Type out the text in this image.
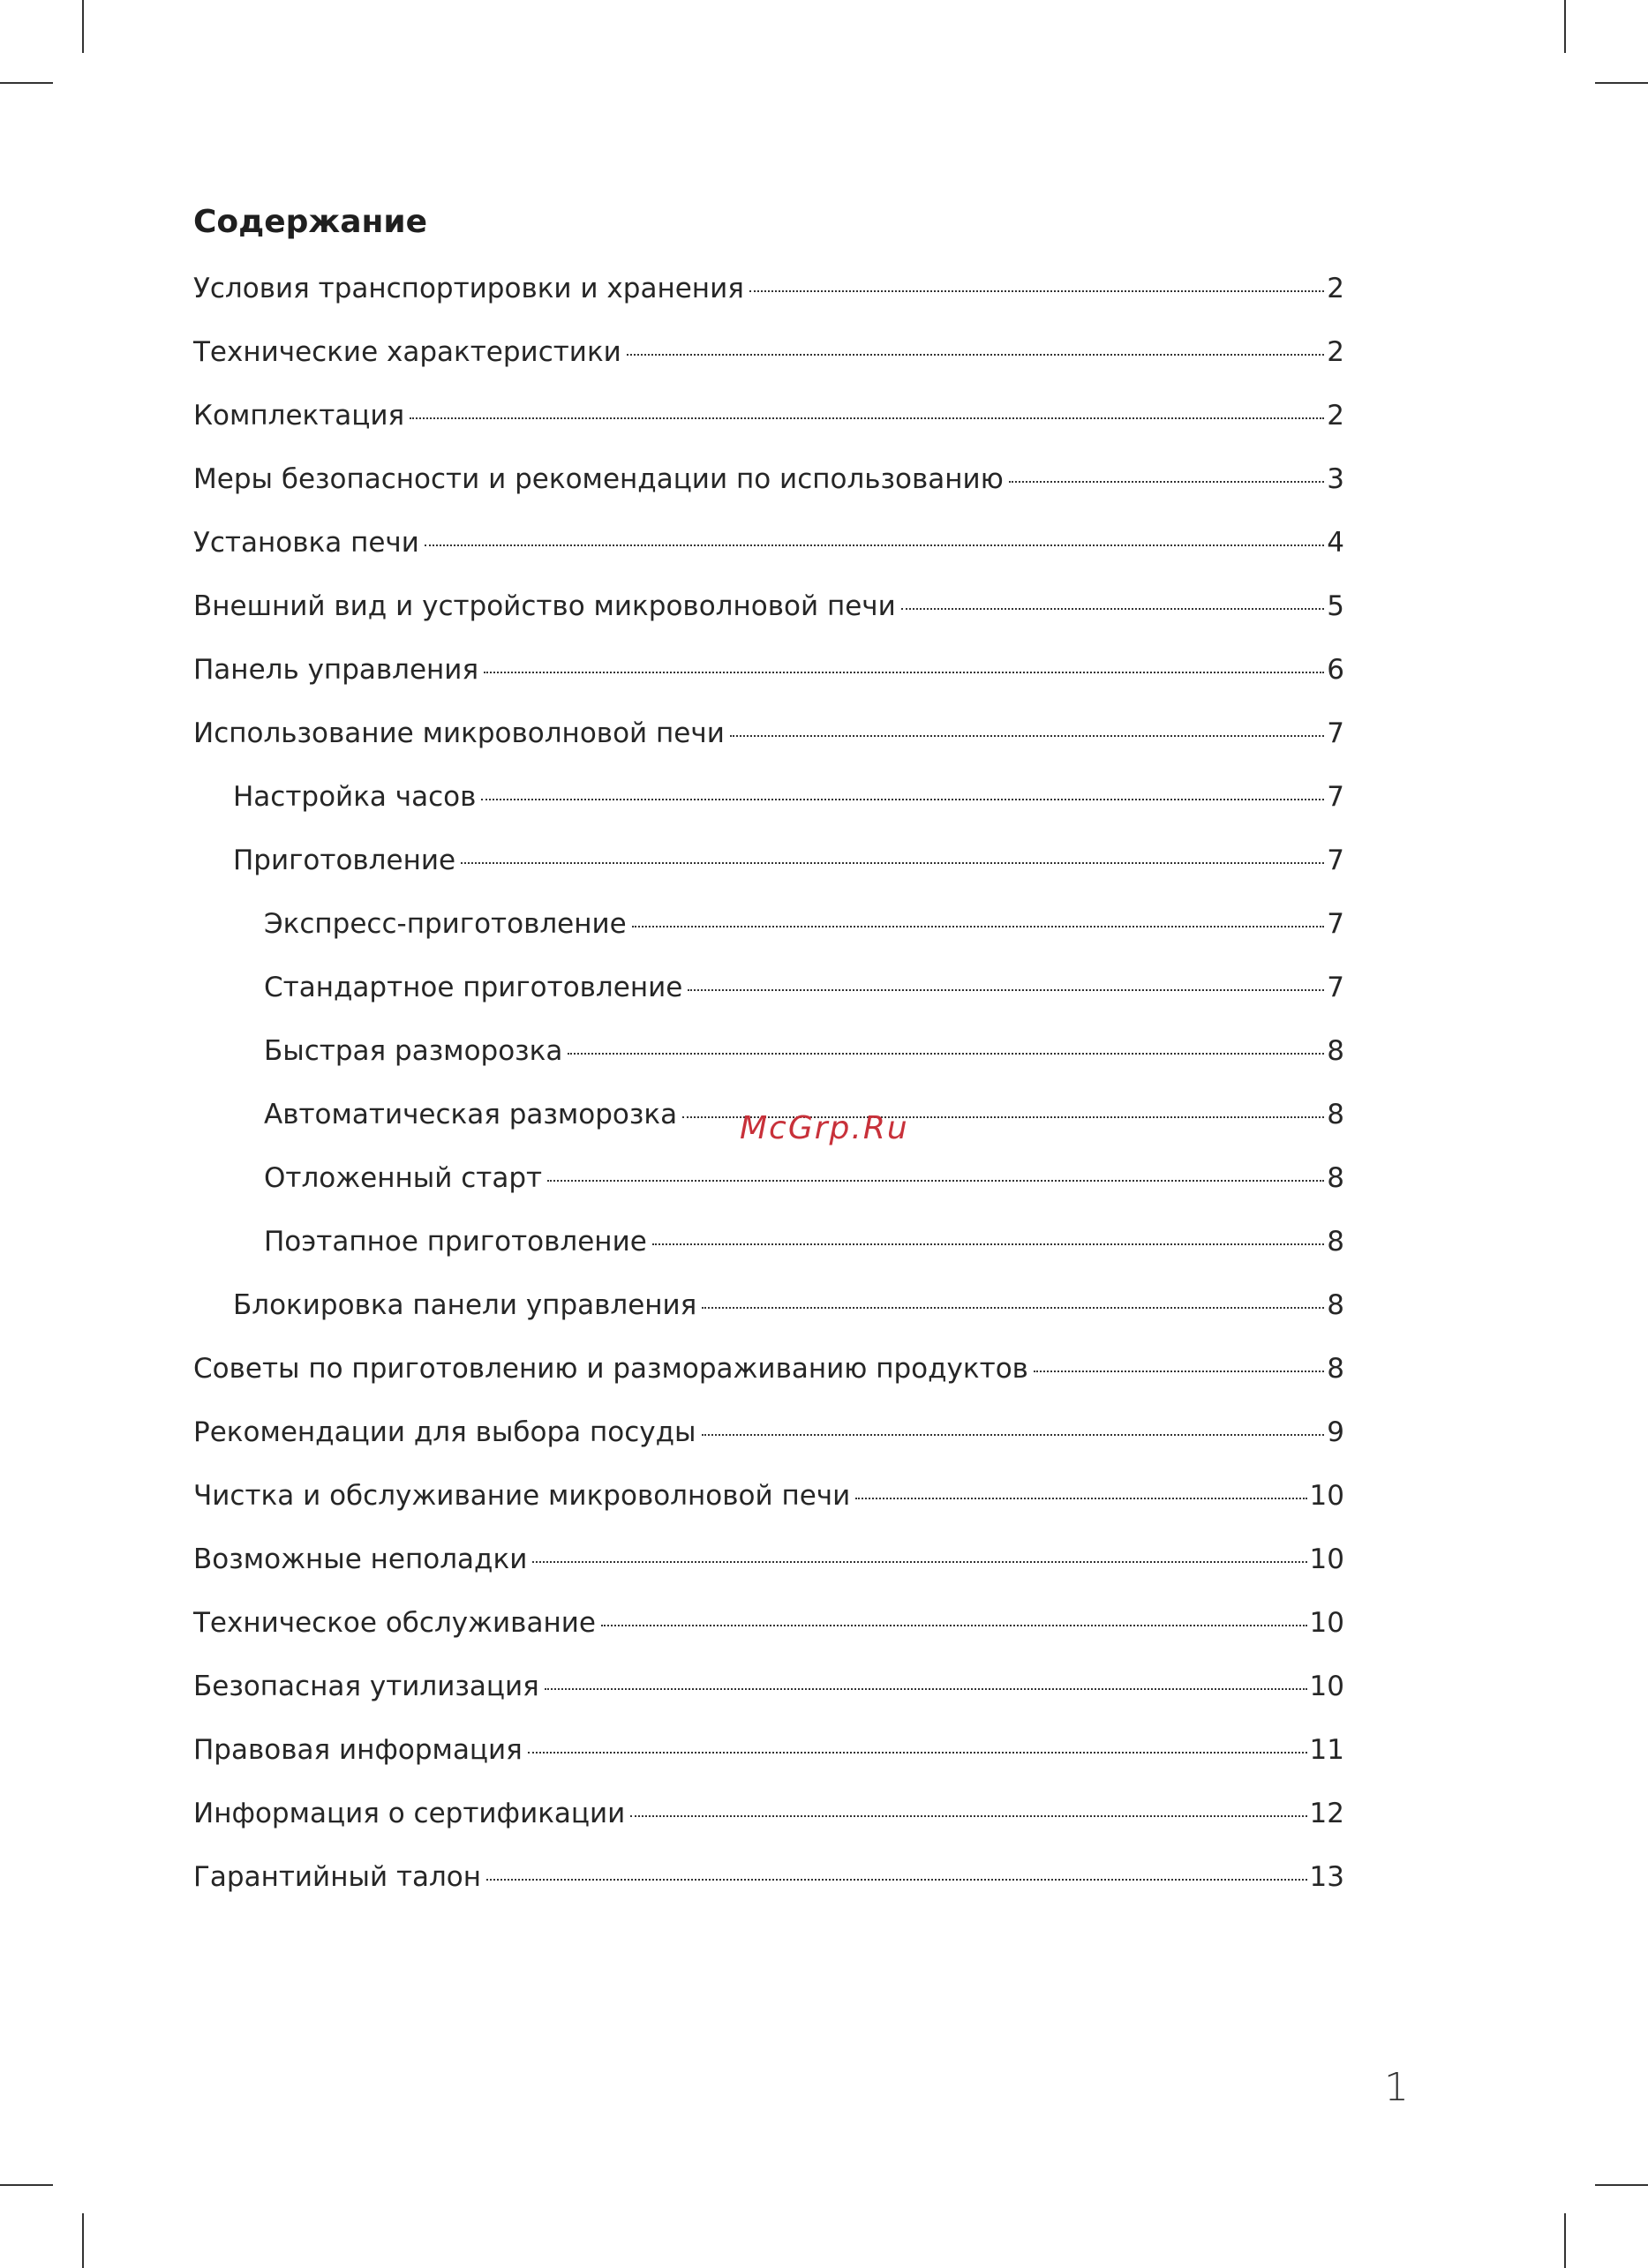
Содержание
Условия транспортировки и хранения	2
Технические характеристики	2
Комплектация	2
Меры безопасности и рекомендации по использованию	3
Установка печи	4
Внешний вид и устройство микроволновой печи	5
Панель управления	6
Использование микроволновой печи	7
Настройка часов	7
Приготовление	7
Экспресс-приготовление	7
Стандартное приготовление	7
Быстрая разморозка	8
Автоматическая разморозка	8
Отложенный старт	8
Поэтапное приготовление	8
Блокировка панели управления	8
Советы по приготовлению и размораживанию продуктов	8
Рекомендации для выбора посуды	9
Чистка и обслуживание микроволновой печи	10
Возможные неполадки	10
Техническое обслуживание	10
Безопасная утилизация	10
Правовая информация	11
Информация о сертификации	12
Гарантийный талон	13
McGrp.Ru
1
